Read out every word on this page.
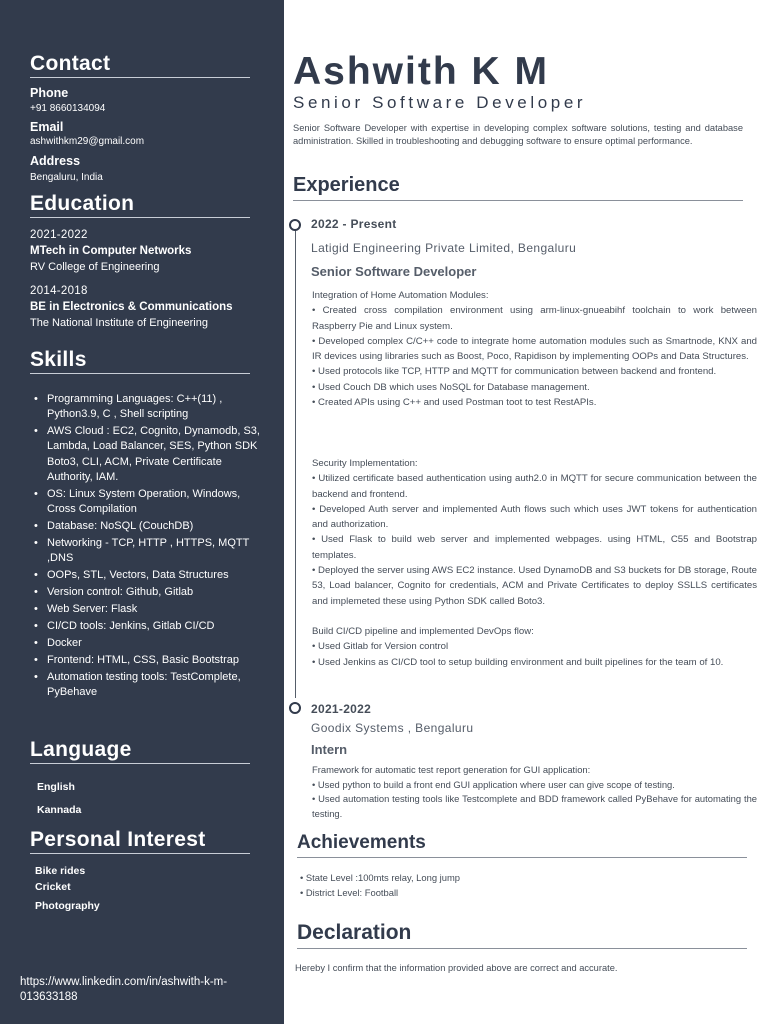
Contact
Phone
+91 8660134094
Email
ashwithkm29@gmail.com
Address
Bengaluru, India
Education
2021-2022
MTech in Computer Networks
RV College of Engineering
2014-2018
BE in Electronics & Communications
The National Institute of Engineering
Skills
• Programming Languages: C++(11) , Python3.9, C , Shell scripting
• AWS Cloud : EC2, Cognito, Dynamodb, S3, Lambda, Load Balancer, SES, Python SDK Boto3, CLI, ACM, Private Certificate Authority, IAM.
• OS: Linux System Operation, Windows, Cross Compilation
• Database: NoSQL (CouchDB)
• Networking - TCP, HTTP , HTTPS, MQTT ,DNS
• OOPs, STL, Vectors, Data Structures
• Version control: Github, Gitlab
• Web Server: Flask
• CI/CD tools: Jenkins, Gitlab CI/CD
• Docker
• Frontend: HTML, CSS, Basic Bootstrap
• Automation testing tools: TestComplete, PyBehave
Language
English
Kannada
Personal Interest
Bike rides
Cricket
Photography
https://www.linkedin.com/in/ashwith-k-m-013633188
Ashwith K M
Senior Software Developer
Senior Software Developer with expertise in developing complex software solutions, testing and database administration. Skilled in troubleshooting and debugging software to ensure optimal performance.
Experience
2022 - Present
Latigid Engineering Private Limited, Bengaluru
Senior Software Developer
Integration of Home Automation Modules:
• Created cross compilation environment using arm-linux-gnueabihf toolchain to work between Raspberry Pie and Linux system.
• Developed complex C/C++ code to integrate home automation modules such as Smartnode, KNX and IR devices using libraries such as Boost, Poco, Rapidison by implementing OOPs and Data Structures.
• Used protocols like TCP, HTTP and MQTT for communication between backend and frontend.
• Used Couch DB which uses NoSQL for Database management.
• Created APIs using C++ and used Postman toot to test RestAPIs.
Security Implementation:
• Utilized certificate based authentication using auth2.0 in MQTT for secure communication between the backend and frontend.
• Developed Auth server and implemented Auth flows such which uses JWT tokens for authentication and authorization.
• Used Flask to build web server and implemented webpages. using HTML, C55 and Bootstrap templates.
• Deployed the server using AWS EC2 instance. Used DynamoDB and S3 buckets for DB storage, Route 53, Load balancer, Cognito for credentials, ACM and Private Certificates to deploy SSLLS certificates and implemeted these using Python SDK called Boto3.
Build CI/CD pipeline and implemented DevOps flow:
• Used Gitlab for Version control
• Used Jenkins as CI/CD tool to setup building environment and built pipelines for the team of 10.
2021-2022
Goodix Systems , Bengaluru
Intern
Framework for automatic test report generation for GUI application:
• Used python to build a front end GUI application where user can give scope of testing.
• Used automation testing tools like Testcomplete and BDD framework called PyBehave for automating the testing.
Achievements
• State Level :100mts relay, Long jump
• District Level: Football
Declaration
Hereby I confirm that the information provided above are correct and accurate.
